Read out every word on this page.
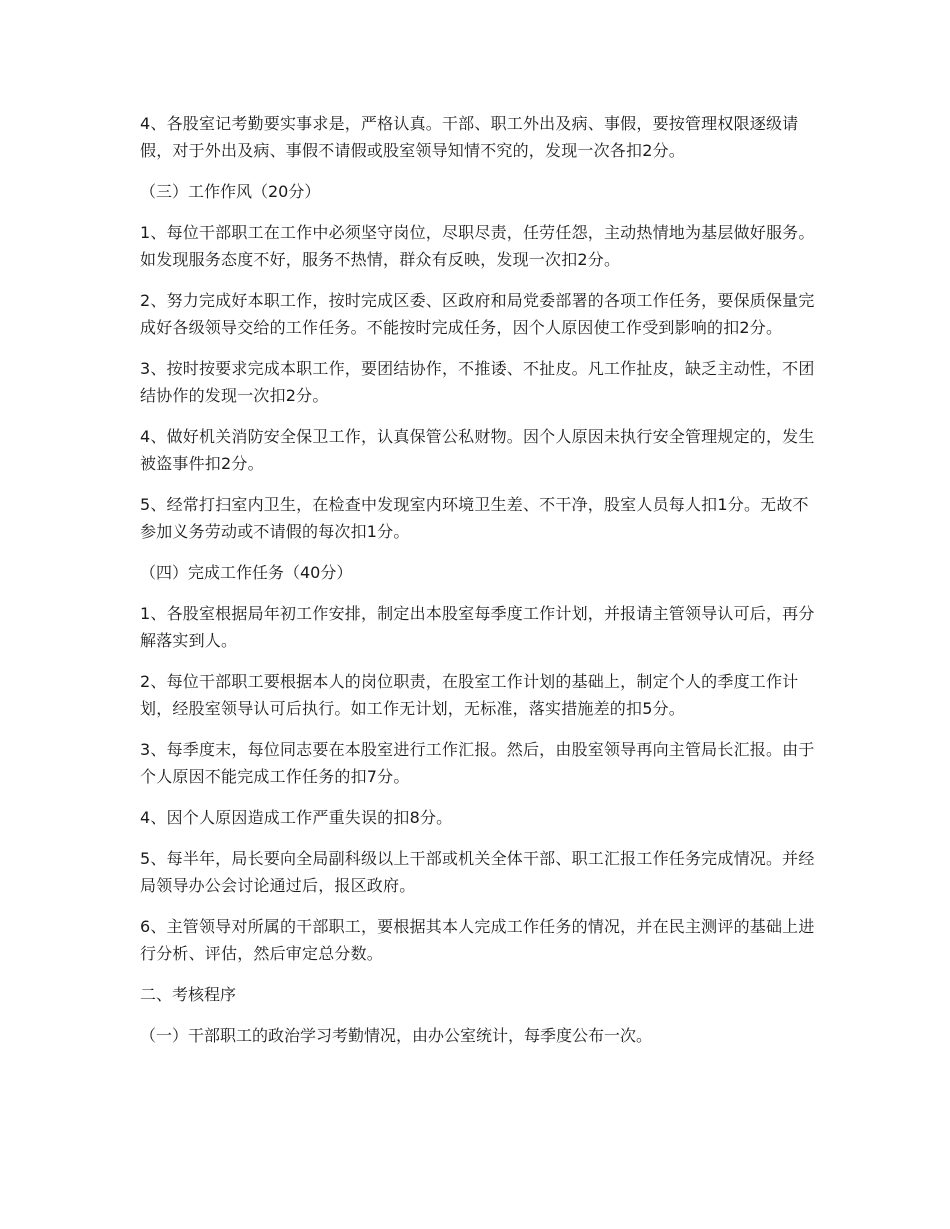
4、各股室记考勤要实事求是，严格认真。干部、职工外出及病、事假，要按管理权限逐级请假，对于外出及病、事假不请假或股室领导知情不究的，发现一次各扣2分。

（三）工作作风（20分）

1、每位干部职工在工作中必须坚守岗位，尽职尽责，任劳任怨，主动热情地为基层做好服务。如发现服务态度不好，服务不热情，群众有反映，发现一次扣2分。

2、努力完成好本职工作，按时完成区委、区政府和局党委部署的各项工作任务，要保质保量完成好各级领导交给的工作任务。不能按时完成任务，因个人原因使工作受到影响的扣2分。

3、按时按要求完成本职工作，要团结协作，不推诿、不扯皮。凡工作扯皮，缺乏主动性，不团结协作的发现一次扣2分。

4、做好机关消防安全保卫工作，认真保管公私财物。因个人原因未执行安全管理规定的，发生被盗事件扣2分。

5、经常打扫室内卫生，在检查中发现室内环境卫生差、不干净，股室人员每人扣1分。无故不参加义务劳动或不请假的每次扣1分。

（四）完成工作任务（40分）

1、各股室根据局年初工作安排，制定出本股室每季度工作计划，并报请主管领导认可后，再分解落实到人。

2、每位干部职工要根据本人的岗位职责，在股室工作计划的基础上，制定个人的季度工作计划，经股室领导认可后执行。如工作无计划，无标准，落实措施差的扣5分。

3、每季度末，每位同志要在本股室进行工作汇报。然后，由股室领导再向主管局长汇报。由于个人原因不能完成工作任务的扣7分。

4、因个人原因造成工作严重失误的扣8分。

5、每半年，局长要向全局副科级以上干部或机关全体干部、职工汇报工作任务完成情况。并经局领导办公会讨论通过后，报区政府。

6、主管领导对所属的干部职工，要根据其本人完成工作任务的情况，并在民主测评的基础上进行分析、评估，然后审定总分数。

二、考核程序

（一）干部职工的政治学习考勤情况，由办公室统计，每季度公布一次。
